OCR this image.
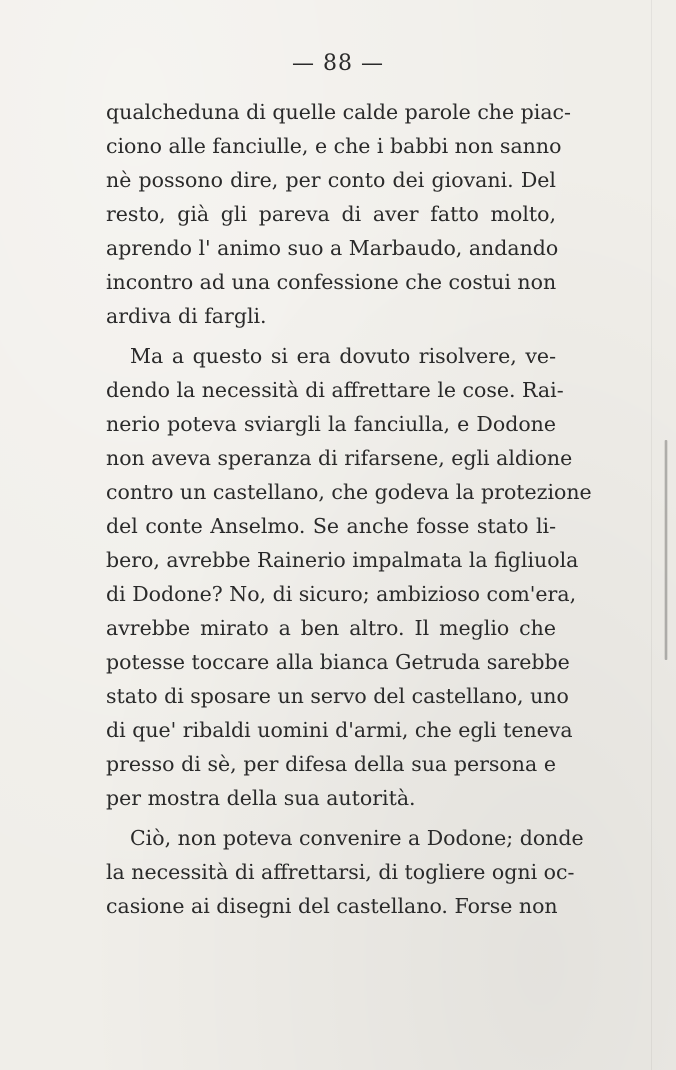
— 88 —
qualcheduna di quelle calde parole che piac-
ciono alle fanciulle, e che i babbi non sanno
nè possono dire, per conto dei giovani. Del
resto, già gli pareva di aver fatto molto,
aprendo l' animo suo a Marbaudo, andando
incontro ad una confessione che costui non
ardiva di fargli.
Ma a questo si era dovuto risolvere, ve-
dendo la necessità di affrettare le cose. Rai-
nerio poteva sviargli la fanciulla, e Dodone
non aveva speranza di rifarsene, egli aldione
contro un castellano, che godeva la protezione
del conte Anselmo. Se anche fosse stato li-
bero, avrebbe Rainerio impalmata la figliuola
di Dodone? No, di sicuro; ambizioso com'era,
avrebbe mirato a ben altro. Il meglio che
potesse toccare alla bianca Getruda sarebbe
stato di sposare un servo del castellano, uno
di que' ribaldi uomini d'armi, che egli teneva
presso di sè, per difesa della sua persona e
per mostra della sua autorità.
Ciò, non poteva convenire a Dodone; donde
la necessità di affrettarsi, di togliere ogni oc-
casione ai disegni del castellano. Forse non
